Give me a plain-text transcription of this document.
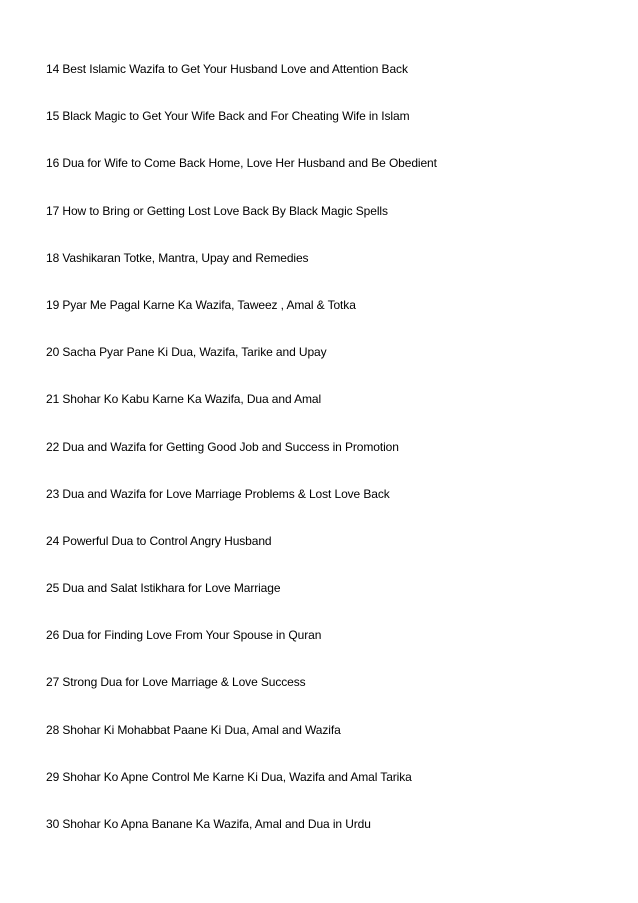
14 Best Islamic Wazifa to Get Your Husband Love and Attention Back
15 Black Magic to Get Your Wife Back and For Cheating Wife in Islam
16 Dua for Wife to Come Back Home, Love Her Husband and Be Obedient
17 How to Bring or Getting Lost Love Back By Black Magic Spells
18 Vashikaran Totke, Mantra, Upay and Remedies
19 Pyar Me Pagal Karne Ka Wazifa, Taweez , Amal & Totka
20 Sacha Pyar Pane Ki Dua, Wazifa, Tarike and Upay
21 Shohar Ko Kabu Karne Ka Wazifa, Dua and Amal
22 Dua and Wazifa for Getting Good Job and Success in Promotion
23 Dua and Wazifa for Love Marriage Problems & Lost Love Back
24 Powerful Dua to Control Angry Husband
25 Dua and Salat Istikhara for Love Marriage
26 Dua for Finding Love From Your Spouse in Quran
27 Strong Dua for Love Marriage & Love Success
28 Shohar Ki Mohabbat Paane Ki Dua, Amal and Wazifa
29 Shohar Ko Apne Control Me Karne Ki Dua, Wazifa and Amal Tarika
30 Shohar Ko Apna Banane Ka Wazifa, Amal and Dua in Urdu
